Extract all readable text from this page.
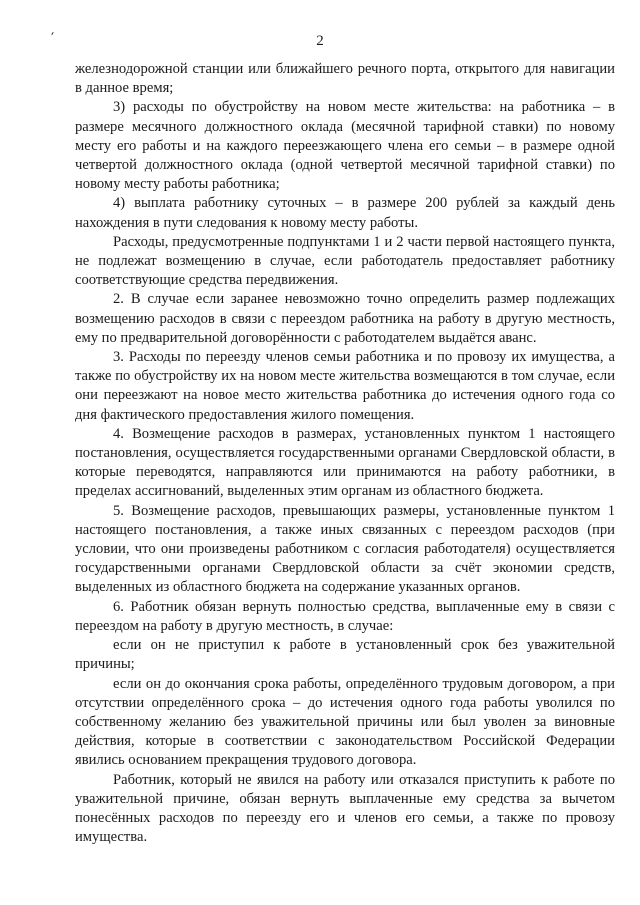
2

железнодорожной станции или ближайшего речного порта, открытого для навигации в данное время;

3) расходы по обустройству на новом месте жительства: на работника – в размере месячного должностного оклада (месячной тарифной ставки) по новому месту его работы и на каждого переезжающего члена его семьи – в размере одной четвертой должностного оклада (одной четвертой месячной тарифной ставки) по новому месту работы работника;

4) выплата работнику суточных – в размере 200 рублей за каждый день нахождения в пути следования к новому месту работы.

Расходы, предусмотренные подпунктами 1 и 2 части первой настоящего пункта, не подлежат возмещению в случае, если работодатель предоставляет работнику соответствующие средства передвижения.

2. В случае если заранее невозможно точно определить размер подлежащих возмещению расходов в связи с переездом работника на работу в другую местность, ему по предварительной договорённости с работодателем выдаётся аванс.

3. Расходы по переезду членов семьи работника и по провозу их имущества, а также по обустройству их на новом месте жительства возмещаются в том случае, если они переезжают на новое место жительства работника до истечения одного года со дня фактического предоставления жилого помещения.

4. Возмещение расходов в размерах, установленных пунктом 1 настоящего постановления, осуществляется государственными органами Свердловской области, в которые переводятся, направляются или принимаются на работу работники, в пределах ассигнований, выделенных этим органам из областного бюджета.

5. Возмещение расходов, превышающих размеры, установленные пунктом 1 настоящего постановления, а также иных связанных с переездом расходов (при условии, что они произведены работником с согласия работодателя) осуществляется государственными органами Свердловской области за счёт экономии средств, выделенных из областного бюджета на содержание указанных органов.

6. Работник обязан вернуть полностью средства, выплаченные ему в связи с переездом на работу в другую местность, в случае:

если он не приступил к работе в установленный срок без уважительной причины;

если он до окончания срока работы, определённого трудовым договором, а при отсутствии определённого срока – до истечения одного года работы уволился по собственному желанию без уважительной причины или был уволен за виновные действия, которые в соответствии с законодательством Российской Федерации явились основанием прекращения трудового договора.

Работник, который не явился на работу или отказался приступить к работе по уважительной причине, обязан вернуть выплаченные ему средства за вычетом понесённых расходов по переезду его и членов его семьи, а также по провозу имущества.
